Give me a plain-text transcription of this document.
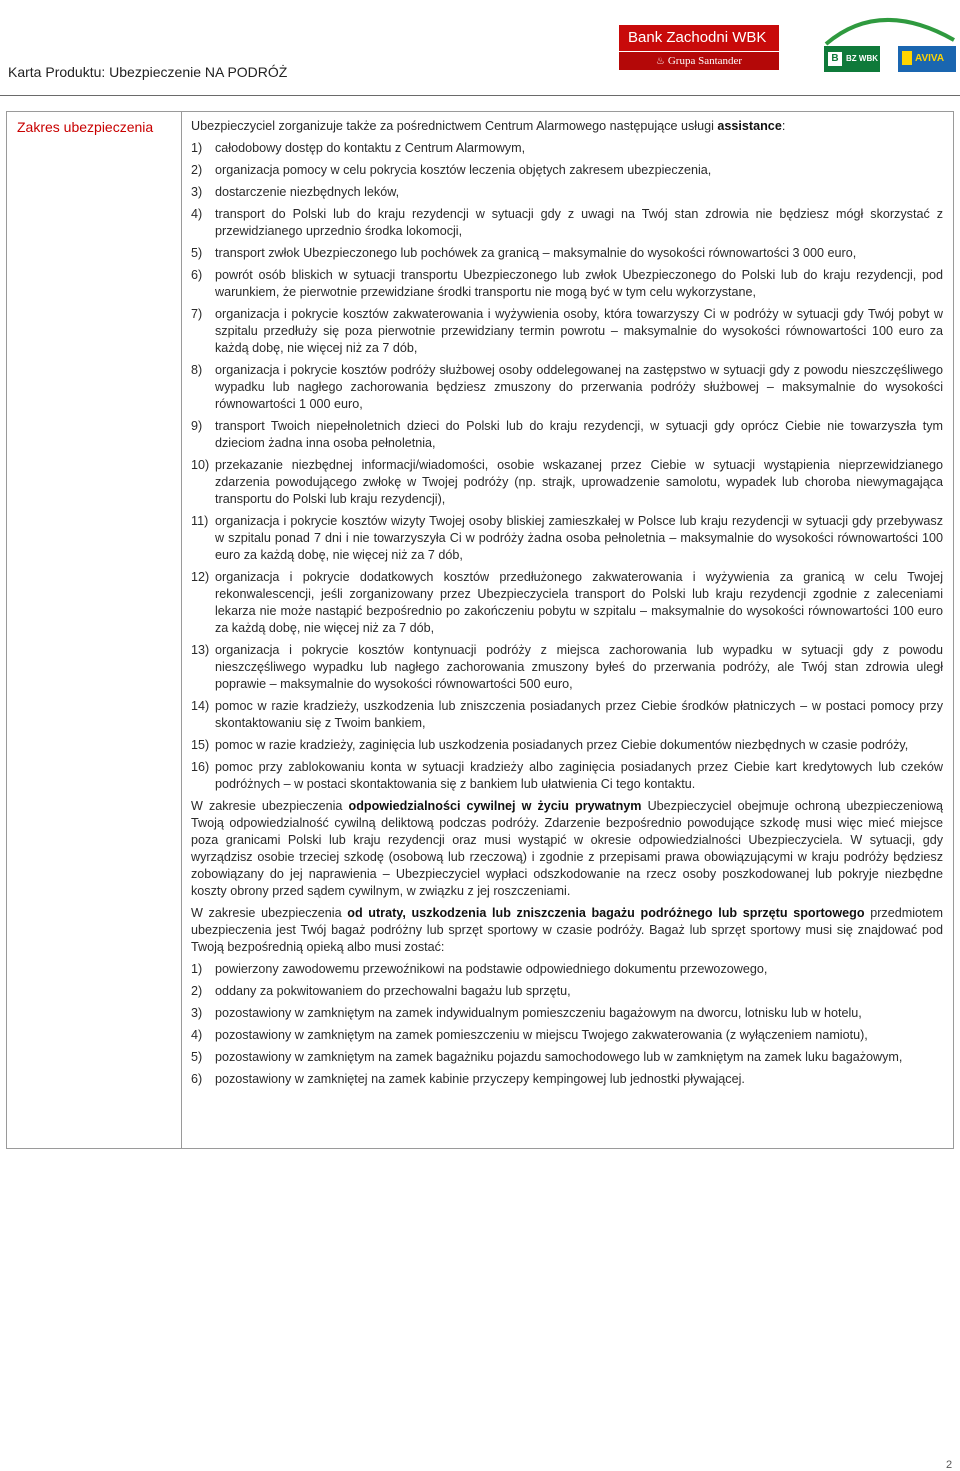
Karta Produktu: Ubezpieczenie NA PODRÓŻ
Bank Zachodni WBK
♨ Grupa Santander	B BZ WBK	AVIVA
Zakres ubezpieczenia	Ubezpieczyciel zorganizuje także za pośrednictwem Centrum Alarmowego następujące usługi assistance:

1)	całodobowy dostęp do kontaktu z Centrum Alarmowym,
2)	organizacja pomocy w celu pokrycia kosztów leczenia objętych zakresem ubezpieczenia,
3)	dostarczenie niezbędnych leków,
4)	transport do Polski lub do kraju rezydencji w sytuacji gdy z uwagi na Twój stan zdrowia nie będziesz mógł skorzystać z przewidzianego uprzednio środka lokomocji,
5)	transport zwłok Ubezpieczonego lub pochówek za granicą – maksymalnie do wysokości równowartości 3 000 euro,
6)	powrót osób bliskich w sytuacji transportu Ubezpieczonego lub zwłok Ubezpieczonego do Polski lub do kraju rezydencji, pod warunkiem, że pierwotnie przewidziane środki transportu nie mogą być w tym celu wykorzystane,
7)	organizacja i pokrycie kosztów zakwaterowania i wyżywienia osoby, która towarzyszy Ci w podróży w sytuacji gdy Twój pobyt w szpitalu przedłuży się poza pierwotnie przewidziany termin powrotu – maksymalnie do wysokości równowartości 100 euro za każdą dobę, nie więcej niż za 7 dób,
8)	organizacja i pokrycie kosztów podróży służbowej osoby oddelegowanej na zastępstwo w sytuacji gdy z powodu nieszczęśliwego wypadku lub nagłego zachorowania będziesz zmuszony do przerwania podróży służbowej – maksymalnie do wysokości równowartości 1 000 euro,
9)	transport Twoich niepełnoletnich dzieci do Polski lub do kraju rezydencji, w sytuacji gdy oprócz Ciebie nie towarzyszła tym dzieciom żadna inna osoba pełnoletnia,
10) przekazanie niezbędnej informacji/wiadomości, osobie wskazanej przez Ciebie w sytuacji wystąpienia nieprzewidzianego zdarzenia powodującego zwłokę w Twojej podróży (np. strajk, uprowadzenie samolotu, wypadek lub choroba niewymagająca transportu do Polski lub kraju rezydencji),
11) organizacja i pokrycie kosztów wizyty Twojej osoby bliskiej zamieszkałej w Polsce lub kraju rezydencji w sytuacji gdy przebywasz w szpitalu ponad 7 dni i nie towarzyszyła Ci w podróży żadna osoba pełnoletnia – maksymalnie do wysokości równowartości 100 euro za każdą dobę, nie więcej niż za 7 dób,
12) organizacja i pokrycie dodatkowych kosztów przedłużonego zakwaterowania i wyżywienia za granicą w celu Twojej rekonwalescencji, jeśli zorganizowany przez Ubezpieczyciela transport do Polski lub kraju rezydencji zgodnie z zaleceniami lekarza nie może nastąpić bezpośrednio po zakończeniu pobytu w szpitalu – maksymalnie do wysokości równowartości 100 euro za każdą dobę, nie więcej niż za 7 dób,
13) organizacja i pokrycie kosztów kontynuacji podróży z miejsca zachorowania lub wypadku w sytuacji gdy z powodu nieszczęśliwego wypadku lub nagłego zachorowania zmuszony byłeś do przerwania podróży, ale Twój stan zdrowia uległ poprawie – maksymalnie do wysokości równowartości 500 euro,
14) pomoc w razie kradzieży, uszkodzenia lub zniszczenia posiadanych przez Ciebie środków płatniczych – w postaci pomocy przy skontaktowaniu się z Twoim bankiem,
15) pomoc w razie kradzieży, zaginięcia lub uszkodzenia posiadanych przez Ciebie dokumentów niezbędnych w czasie podróży,
16) pomoc przy zablokowaniu konta w sytuacji kradzieży albo zaginięcia posiadanych przez Ciebie kart kredytowych lub czeków podróżnych – w postaci skontaktowania się z bankiem lub ułatwienia Ci tego kontaktu.

W zakresie ubezpieczenia odpowiedzialności cywilnej w życiu prywatnym Ubezpieczyciel obejmuje ochroną ubezpieczeniową Twoją odpowiedzialność cywilną deliktową podczas podróży. Zdarzenie bezpośrednio powodujące szkodę musi więc mieć miejsce poza granicami Polski lub kraju rezydencji oraz musi wystąpić w okresie odpowiedzialności Ubezpieczyciela. W sytuacji, gdy wyrządzisz osobie trzeciej szkodę (osobową lub rzeczową) i zgodnie z przepisami prawa obowiązującymi w kraju podróży będziesz zobowiązany do jej naprawienia – Ubezpieczyciel wypłaci odszkodowanie na rzecz osoby poszkodowanej lub pokryje niezbędne koszty obrony przed sądem cywilnym, w związku z jej roszczeniami.

W zakresie ubezpieczenia od utraty, uszkodzenia lub zniszczenia bagażu podróżnego lub sprzętu sportowego przedmiotem ubezpieczenia jest Twój bagaż podróżny lub sprzęt sportowy w czasie podróży. Bagaż lub sprzęt sportowy musi się znajdować pod Twoją bezpośrednią opieką albo musi zostać:

1)	powierzony zawodowemu przewoźnikowi na podstawie odpowiedniego dokumentu przewozowego,
2)	oddany za pokwitowaniem do przechowalni bagażu lub sprzętu,
3)	pozostawiony w zamkniętym na zamek indywidualnym pomieszczeniu bagażowym na dworcu, lotnisku lub w hotelu,
4)	pozostawiony w zamkniętym na zamek pomieszczeniu w miejscu Twojego zakwaterowania (z wyłączeniem namiotu),
5)	pozostawiony w zamkniętym na zamek bagażniku pojazdu samochodowego lub w zamkniętym na zamek luku bagażowym,
6)	pozostawiony w zamkniętej na zamek kabinie przyczepy kempingowej lub jednostki pływającej.
2
